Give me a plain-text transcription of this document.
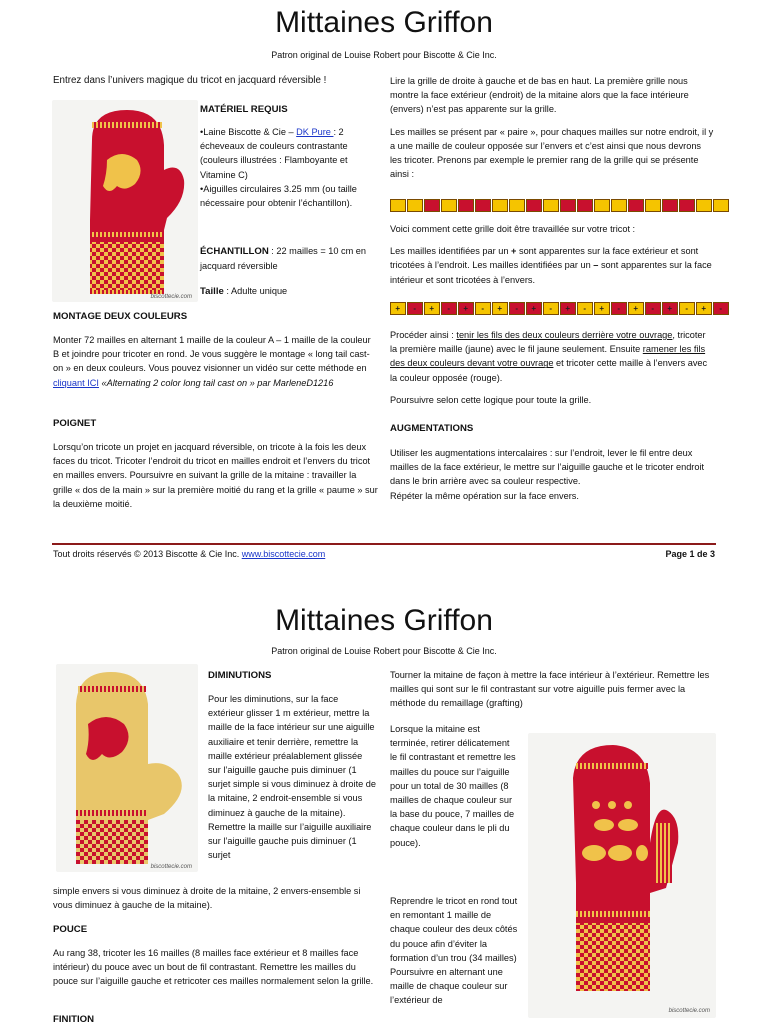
Mittaines Griffon
Patron original de Louise Robert pour Biscotte & Cie Inc.
Entrez dans l’univers magique du tricot en jacquard réversible !
biscottecie.com
MATÉRIEL REQUIS

•Laine Biscotte & Cie – DK Pure : 2 écheveaux de couleurs contrastante (couleurs illustrées : Flamboyante et Vitamine C)

•Aiguilles circulaires 3.25 mm (ou taille nécessaire pour obtenir l’échantillon).

ÉCHANTILLON : 22 mailles = 10 cm en jacquard réversible
Taille : Adulte unique
MONTAGE DEUX COULEURS
Monter 72 mailles en alternant 1 maille de la couleur A – 1 maille de la couleur B et joindre pour tricoter en rond. Je vous suggère le montage « long tail cast-on » en deux couleurs. Vous pouvez visionner un vidéo sur cette méthode en cliquant ICI «Alternating 2 color long tail cast on » par MarleneD1216
POIGNET
Lorsqu’on tricote un projet en jacquard réversible, on tricote à la fois les deux faces du tricot. Tricoter l’endroit du tricot en mailles endroit et l’envers du tricot en mailles envers. Poursuivre en suivant la grille de la mitaine : travailler la grille « dos de la main » sur la première moitié du rang et la grille « paume » sur la deuxième moitié.

Lire la grille de droite à gauche et de bas en haut. La première grille nous montre la face extérieur (endroit) de la mitaine alors que la face intérieure (envers) n’est pas apparente sur la grille.

Les mailles se présent par « paire », pour chaques mailles sur notre endroit, il y a une maille de couleur opposée sur l’envers et c’est ainsi que nous devrons les tricoter. Prenons par exemple le premier rang de la grille qui se présente ainsi :

Voici comment cette grille doit être travaillée sur votre tricot :

Les mailles identifiées par un + sont apparentes sur la face extérieur et sont tricotées à l’endroit. Les mailles identifiées par un – sont apparentes sur la face intérieur et sont tricotées à l’envers.

+	-	+	-	+	-	+	-	+	-	+	-	+	-	+	-	+	-	+	-

Procéder ainsi : tenir les fils des deux couleurs derrière votre ouvrage, tricoter la première maille (jaune) avec le fil jaune seulement. Ensuite ramener les fils des deux couleurs devant votre ouvrage et tricoter cette maille à l’envers avec la couleur opposée (rouge).

Poursuivre selon cette logique pour toute la grille.

AUGMENTATIONS
Utiliser les augmentations intercalaires : sur l’endroit, lever le fil entre deux mailles de la face extérieur, le mettre sur l’aiguille gauche et le tricoter endroit dans le brin arrière avec sa couleur respective.
Répéter la même opération sur la face envers.
Tout droits réservés © 2013 Biscotte & Cie Inc. www.biscottecie.com	Page 1 de 3
Mittaines Griffon
Patron original de Louise Robert pour Biscotte & Cie Inc.
biscottecie.com
DIMINUTIONS
Pour les diminutions, sur la face extérieur glisser 1 m extérieur, mettre la maille de la face intérieur sur une aiguille auxiliaire et tenir derrière, remettre la maille extérieur préalablement glissée sur l’aiguille gauche puis diminuer (1 surjet simple si vous diminuez à droite de la mitaine, 2 endroit-ensemble si vous diminuez à gauche de la mitaine). Remettre la maille sur l’aiguille auxiliaire sur l’aiguille gauche puis diminuer (1 surjet
simple envers si vous diminuez à droite de la mitaine, 2 envers-ensemble si vous diminuez à gauche de la mitaine).
POUCE
Au rang 38, tricoter les 16 mailles (8 mailles face extérieur et 8 mailles face intérieur) du pouce avec un bout de fil contrastant. Remettre les mailles du pouce sur l’aiguille gauche et retricoter ces mailles normalement selon la grille.
FINITION
Tourner la mitaine de façon à mettre la face intérieur à l’extérieur. Remettre les mailles qui sont sur le fil contrastant sur votre aiguille puis fermer avec la méthode du remaillage (grafting)
Lorsque la mitaine est terminée, retirer délicatement le fil contrastant et remettre les mailles du pouce sur l’aiguille pour un total de 30 mailles (8 mailles de chaque couleur sur la base du pouce, 7 mailles de chaque couleur dans le pli du pouce).
Reprendre le tricot en rond tout en remontant 1 maille de chaque couleur des deux côtés du pouce afin d’éviter la formation d’un trou (34 mailles) Poursuivre en alternant une maille de chaque couleur sur l’extérieur de
biscottecie.com
